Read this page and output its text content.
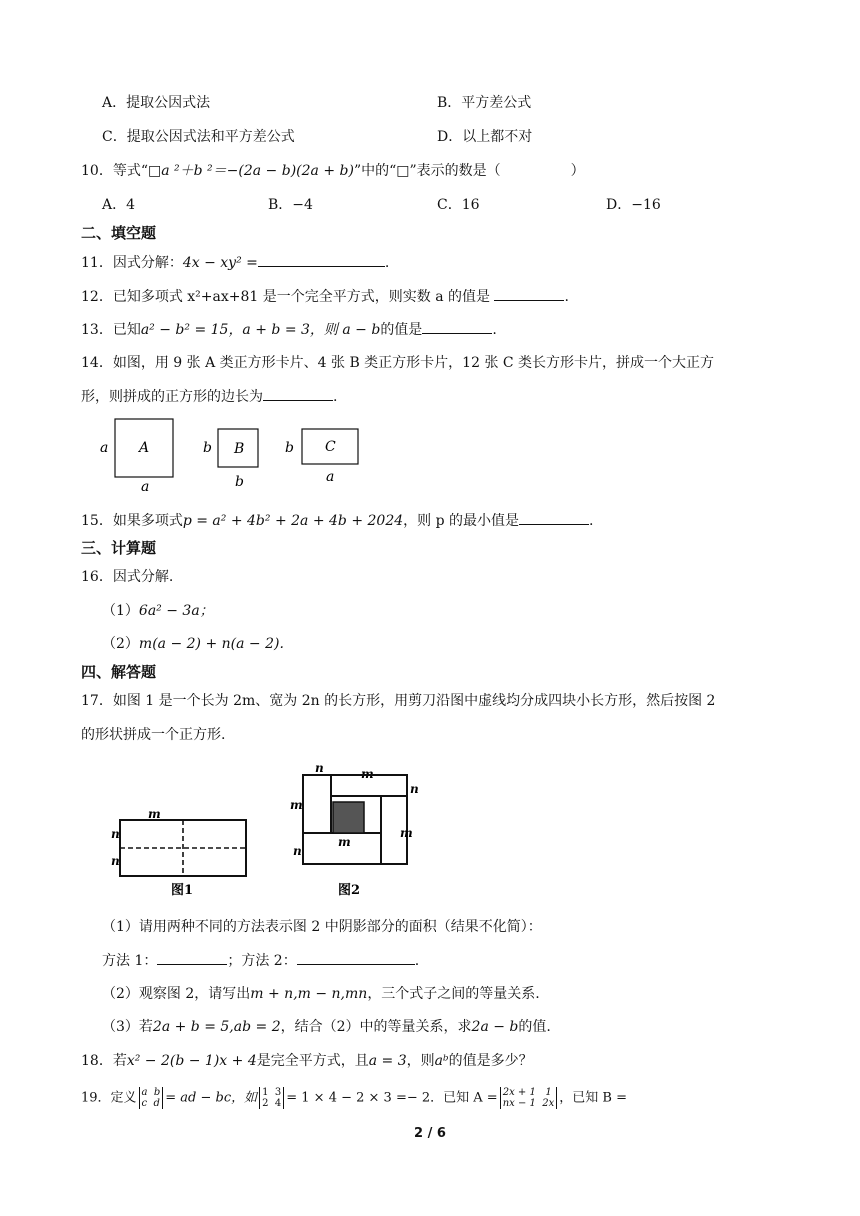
A．提取公因式法	B．平方差公式
C．提取公因式法和平方差公式	D．以上都不对
10．等式“□a ²＋b ²＝−(2a − b)(2a + b)”中的“□”表示的数是（　　　　　）
A．4	B．−4	C．16	D．−16
二、填空题
11．因式分解：4x − xy² =	.
12．已知多项式 x²+ax+81 是一个完全平方式，则实数 a 的值是	.
13．已知a² − b² = 15，a + b = 3，则 a − b的值是	.
14．如图，用 9 张 A 类正方形卡片、4 张 B 类正方形卡片，12 张 C 类长方形卡片，拼成一个大正方
形，则拼成的正方形的边长为	.
a A
a
b B
b
b C
a
15．如果多项式p = a² + 4b² + 2a + 4b + 2024，则 p 的最小值是	.
三、计算题
16．因式分解.
（1）6a² − 3a；
（2）m(a − 2) + n(a − 2).
四、解答题
17．如图 1 是一个长为 2m、宽为 2n 的长方形，用剪刀沿图中虚线均分成四块小长方形，然后按图 2
的形状拼成一个正方形.
m
n
n
图1
n	m
m
n
m
n
m
图2
（1）请用两种不同的方法表示图 2 中阴影部分的面积（结果不化简）：
方法 1：	；方法 2：	.
（2）观察图 2，请写出m + n,m − n,mn，三个式子之间的等量关系.
（3）若2a + b = 5,ab = 2，结合（2）中的等量关系，求2a − b的值.
18．若x² − 2(b − 1)x + 4是完全平方式，且a = 3，则aᵇ的值是多少？
19．定义 a b
c d = ad − bc，如 1 3
2 4 = 1 × 4 − 2 × 3 =− 2．已知 A = 2x + 1 1
nx − 1 2x ，已知 B =
2 / 6
